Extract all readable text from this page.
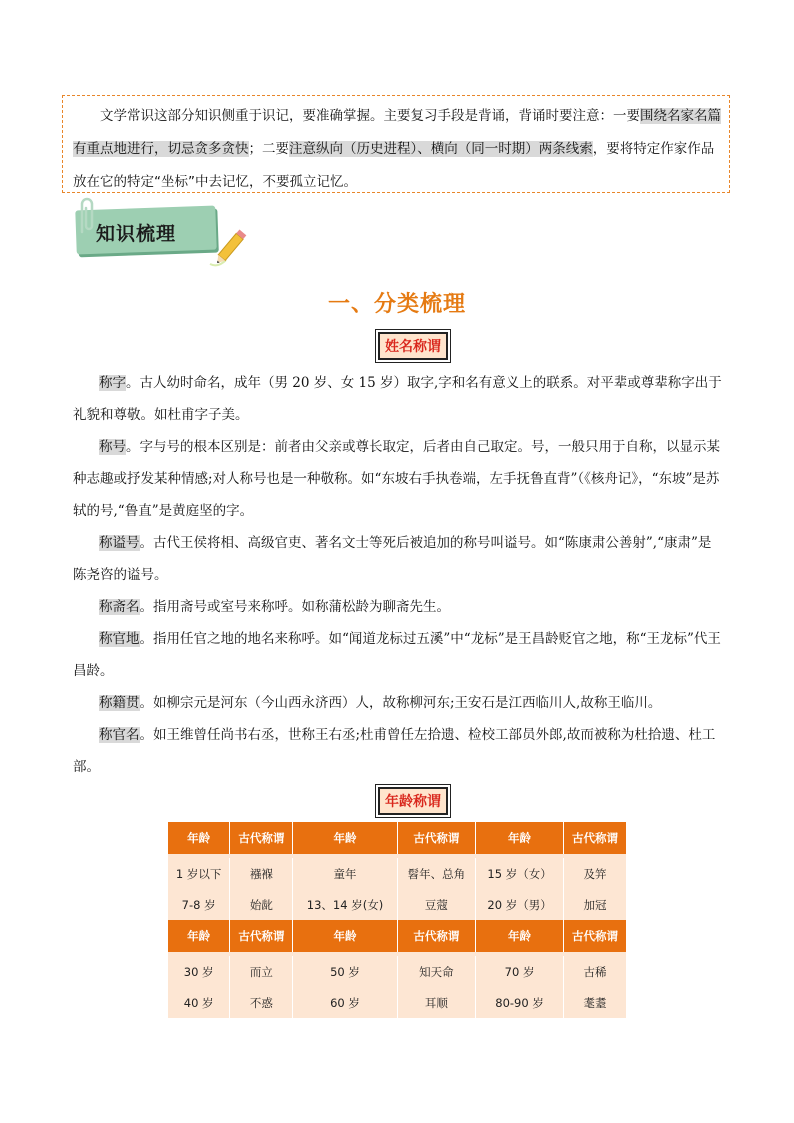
文学常识这部分知识侧重于识记，要准确掌握。主要复习手段是背诵，背诵时要注意：一要围绕名家名篇有重点地进行，切忌贪多贪快；二要注意纵向（历史进程）、横向（同一时期）两条线索，要将特定作家作品放在它的特定“坐标”中去记忆，不要孤立记忆。

知识梳理
一、分类梳理
姓名称谓

称字。古人幼时命名，成年（男 20 岁、女 15 岁）取字,字和名有意义上的联系。对平辈或尊辈称字出于礼貌和尊敬。如杜甫字子美。

称号。字与号的根本区别是：前者由父亲或尊长取定，后者由自己取定。号，一般只用于自称，以显示某种志趣或抒发某种情感;对人称号也是一种敬称。如“东坡右手执卷端，左手抚鲁直背”（《核舟记》，“东坡”是苏轼的号,“鲁直”是黄庭坚的字。

称谥号。古代王侯将相、高级官吏、著名文士等死后被追加的称号叫谥号。如“陈康肃公善射”,“康肃”是陈尧咨的谥号。

称斋名。指用斋号或室号来称呼。如称蒲松龄为聊斋先生。

称官地。指用任官之地的地名来称呼。如“闻道龙标过五溪”中“龙标”是王昌龄贬官之地，称“王龙标”代王昌龄。

称籍贯。如柳宗元是河东（今山西永济西）人，故称柳河东;王安石是江西临川人,故称王临川。

称官名。如王维曾任尚书右丞，世称王右丞;杜甫曾任左拾遗、检校工部员外郎,故而被称为杜拾遗、杜工部。

年龄称谓
年龄	古代称谓	年龄	古代称谓	年龄	古代称谓

1 岁以下	襁褓	童年	髫年、总角	15 岁（女）	及笄
7-8 岁	始龀	13、14 岁(女)	豆蔻	20 岁（男）	加冠
年龄	古代称谓	年龄	古代称谓	年龄	古代称谓

30 岁	而立	50 岁	知天命	70 岁	古稀
40 岁	不惑	60 岁	耳顺	80-90 岁	耄耋
